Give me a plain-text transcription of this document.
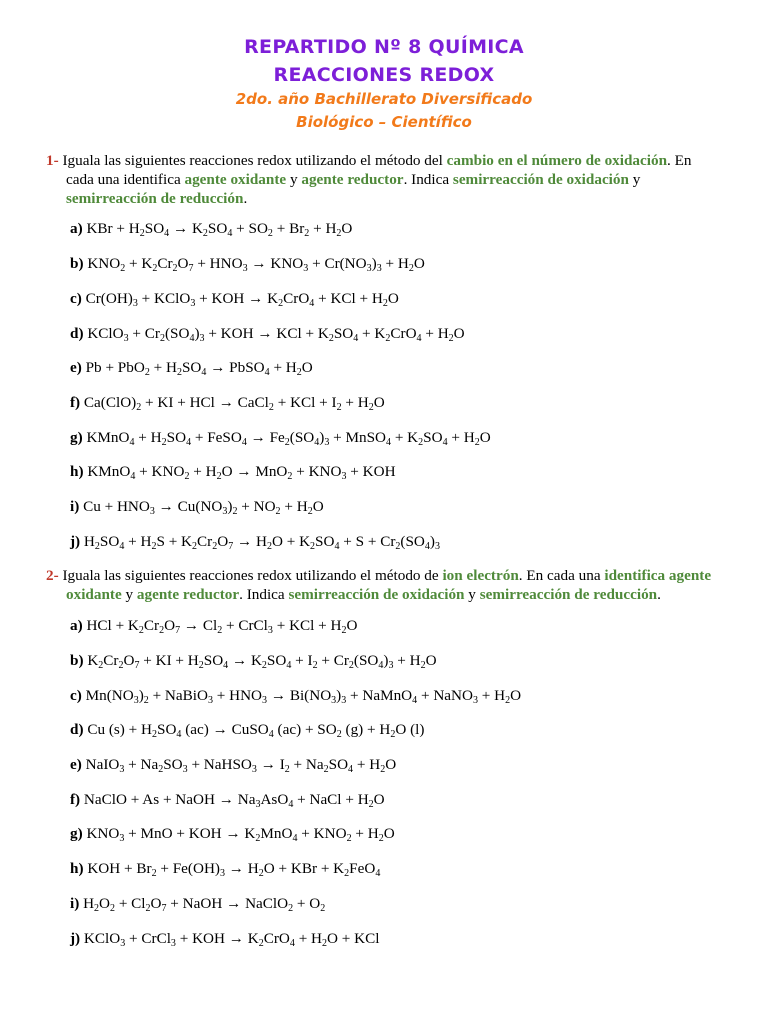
REPARTIDO Nº 8 QUÍMICA
REACCIONES REDOX
2do. año Bachillerato Diversificado
Biológico – Científico
1- Iguala las siguientes reacciones redox utilizando el método del cambio en el número de oxidación. En
cada una identifica agente oxidante y agente reductor. Indica semirreacción de oxidación y
semirreacción de reducción.
2- Iguala las siguientes reacciones redox utilizando el método de ion electrón. En cada una identifica agente
oxidante y agente reductor. Indica semirreacción de oxidación y semirreacción de reducción.
a) KBr + $H_2SO_4 \to K_2SO_4 + SO_2 + Br_2 + H_2O$
b) $KNO_2 + K_2Cr_2O_7 + HNO_3 \to KNO_3 + Cr(NO_3)_3 + H_2O$
c) $Cr(OH)_3$ + KClO$_3$ + KOH → $K_2CrO_4$ + KCl + $H_2O$
d) KClO$_3$ + $Cr_2(SO_4)_3$ + KOH → KCl + $K_2SO_4 + K_2CrO_4 + H_2O$
e) $Pb + PbO_2 + H_2SO_4$ → PbSO$_4$ + $H_2O$
f) $Ca(ClO)_2$ + KI + HCl → CaCl$_2$ + KCl + $I_2 + H_2O$
g) KMnO$_4$ + $H_2SO_4$ + FeSO$_4$ → $Fe_2(SO_4)_3$ + MnSO$_4$ + $K_2SO_4 + H_2O$
h) KMnO$_4$ + $KNO_2 + H_2O \to MnO_2 + KNO_3$ + KOH
i) $Cu + HNO_3 \to Cu(NO_3)_2 + NO_2 + H_2O$
j) $H_2SO_4 + H_2S + K_2Cr_2O_7 \to H_2O + K_2SO_4 + S + Cr_2(SO_4)_3$
a) HCl + $K_2Cr_2O_7 \to Cl_2$ + CrCl$_3$ + KCl + $H_2O$
b) $K_2Cr_2O_7$ + KI + $H_2SO_4 \to K_2SO_4 + I_2 + Cr_2(SO_4)_3 + H_2O$
c) $Mn(NO_3)_2$ + NaBiO$_3$ + $HNO_3 \to Bi(NO_3)_3$ + NaMnO$_4$ + NaNO$_3$ + $H_2O$
d) Cu $(s) + H_2SO_4$ (ac) → CuSO$_4$ $(ac) + SO_2$ $(g) + H_2O$ (l)
e) NaIO$_3$ + $Na_2SO_3$ + NaHSO$_3$ → $I_2 + Na_2SO_4 + H_2O$
f) NaClO + As + NaOH → $Na_3AsO_4$ + NaCl + $H_2O$
g) $KNO_3$ + MnO + KOH → $K_2MnO_4 + KNO_2 + H_2O$
h) KOH + $Br_2 + Fe(OH)_3 \to H_2O$ + KBr + $K_2FeO_4$
i) $H_2O_2 + Cl_2O_7$ + NaOH → NaClO$_2$ + $O_2$
j) KClO$_3$ + CrCl$_3$ + KOH → $K_2CrO_4 + H_2O$ + KCl
